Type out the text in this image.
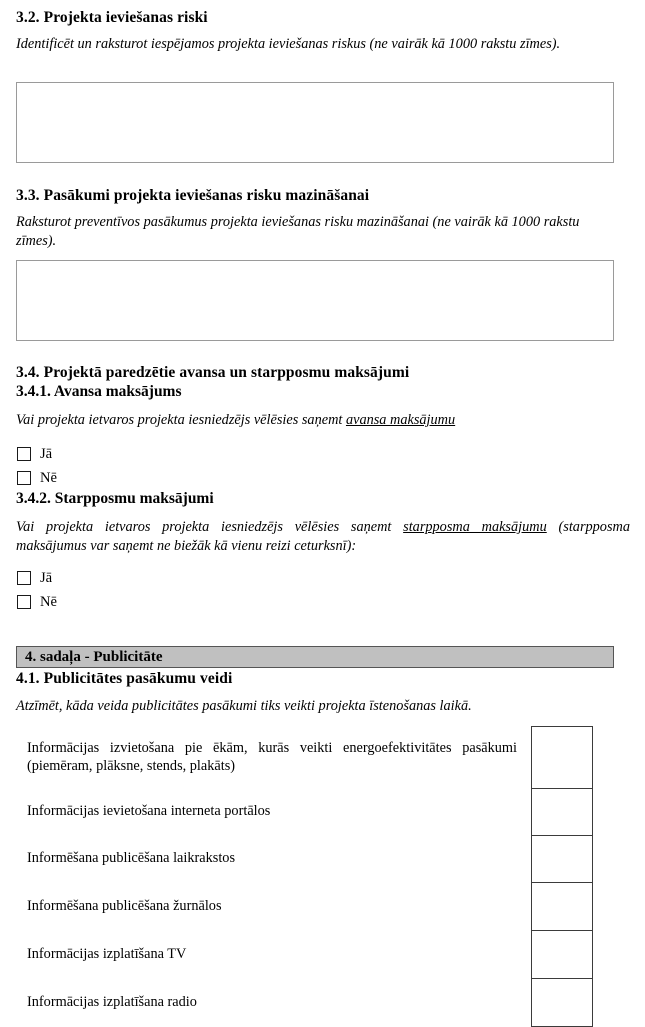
3.2. Projekta ieviešanas riski

Identificēt un raksturot iespējamos projekta ieviešanas riskus (ne vairāk kā 1000 rakstu zīmes).

3.3. Pasākumi projekta ieviešanas risku mazināšanai

Raksturot preventīvos pasākumus projekta ieviešanas risku mazināšanai (ne vairāk kā 1000 rakstu zīmes).

3.4. Projektā paredzētie avansa un starpposmu maksājumi
3.4.1. Avansa maksājums

Vai projekta ietvaros projekta iesniedzējs vēlēsies saņemt avansa maksājumu

Jā
Nē
3.4.2. Starpposmu maksājumi

Vai projekta ietvaros projekta iesniedzējs vēlēsies saņemt starpposma maksājumu (starpposma maksājumus var saņemt ne biežāk kā vienu reizi ceturksnī):

Jā
Nē
4. sadaļa - Publicitāte
4.1. Publicitātes pasākumu veidi

Atzīmēt, kāda veida publicitātes pasākumi tiks veikti projekta īstenošanas laikā.

Informācijas izvietošana pie ēkām, kurās veikti energoefektivitātes pasākumi (piemēram, plāksne, stends, plakāts)	
Informācijas ievietošana interneta portālos	
Informēšana publicēšana laikrakstos	
Informēšana publicēšana žurnālos	
Informācijas izplatīšana TV	
Informācijas izplatīšana radio	
